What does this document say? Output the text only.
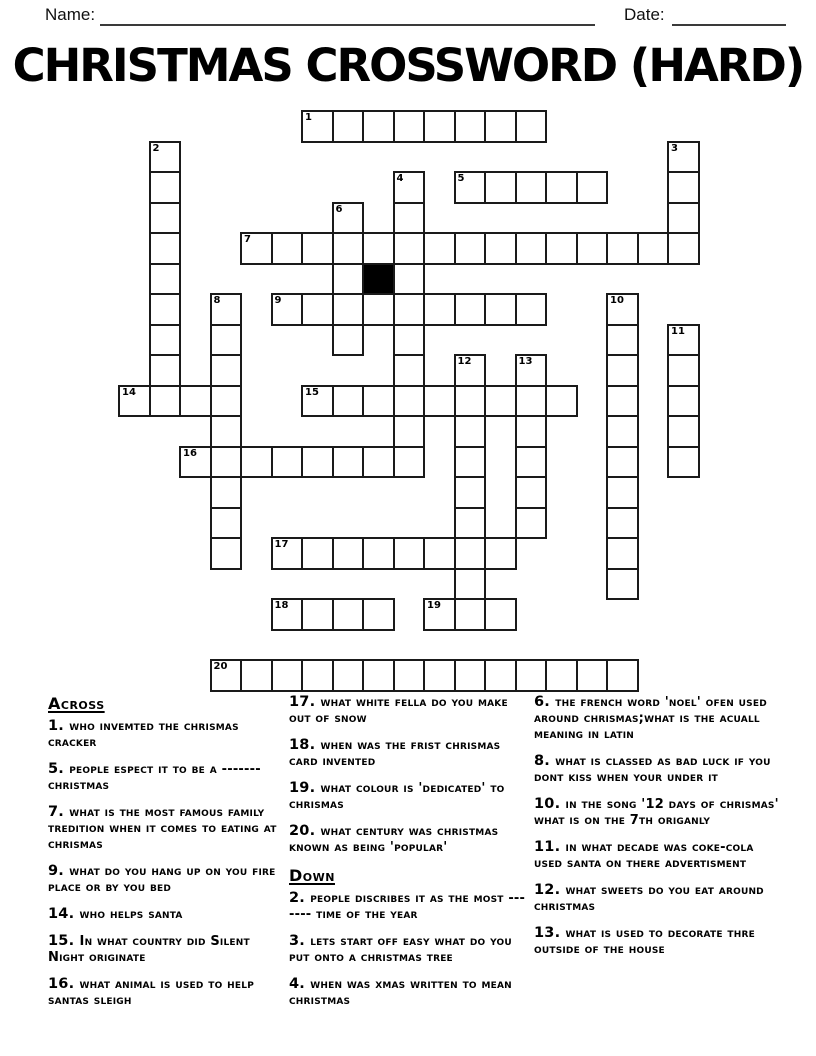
Name:	Date:
CHRISTMAS CROSSWORD (HARD)
1
2	3
4	5
6
7
8	9	10
11
12	13
14	15
16
17
18	19
20
Across

1. who invemted the chrismas cracker

5. people espect it to be a ------- christmas

7. what is the most famous family tredition when it comes to eating at chrismas

9. what do you hang up on you fire place or by you bed

14. who helps santa

15. In what country did Silent Night originate

16. what animal is used to help santas sleigh

17. what white fella do you make out of snow

18. when was the frist chrismas card invented

19. what colour is 'dedicated' to chrismas

20. what century was christmas known as being 'popular'

Down

2. people discribes it as the most ------- time of the year

3. lets start off easy what do you put onto a christmas tree

4. when was xmas written to mean christmas

6. the french word 'noel' ofen used around chrismas;what is the acuall meaning in latin

8. what is classed as bad luck if you dont kiss when your under it

10. in the song '12 days of chrismas' what is on the 7th origanly

11. in what decade was coke-cola used santa on there advertisment

12. what sweets do you eat around christmas

13. what is used to decorate thre outside of the house
